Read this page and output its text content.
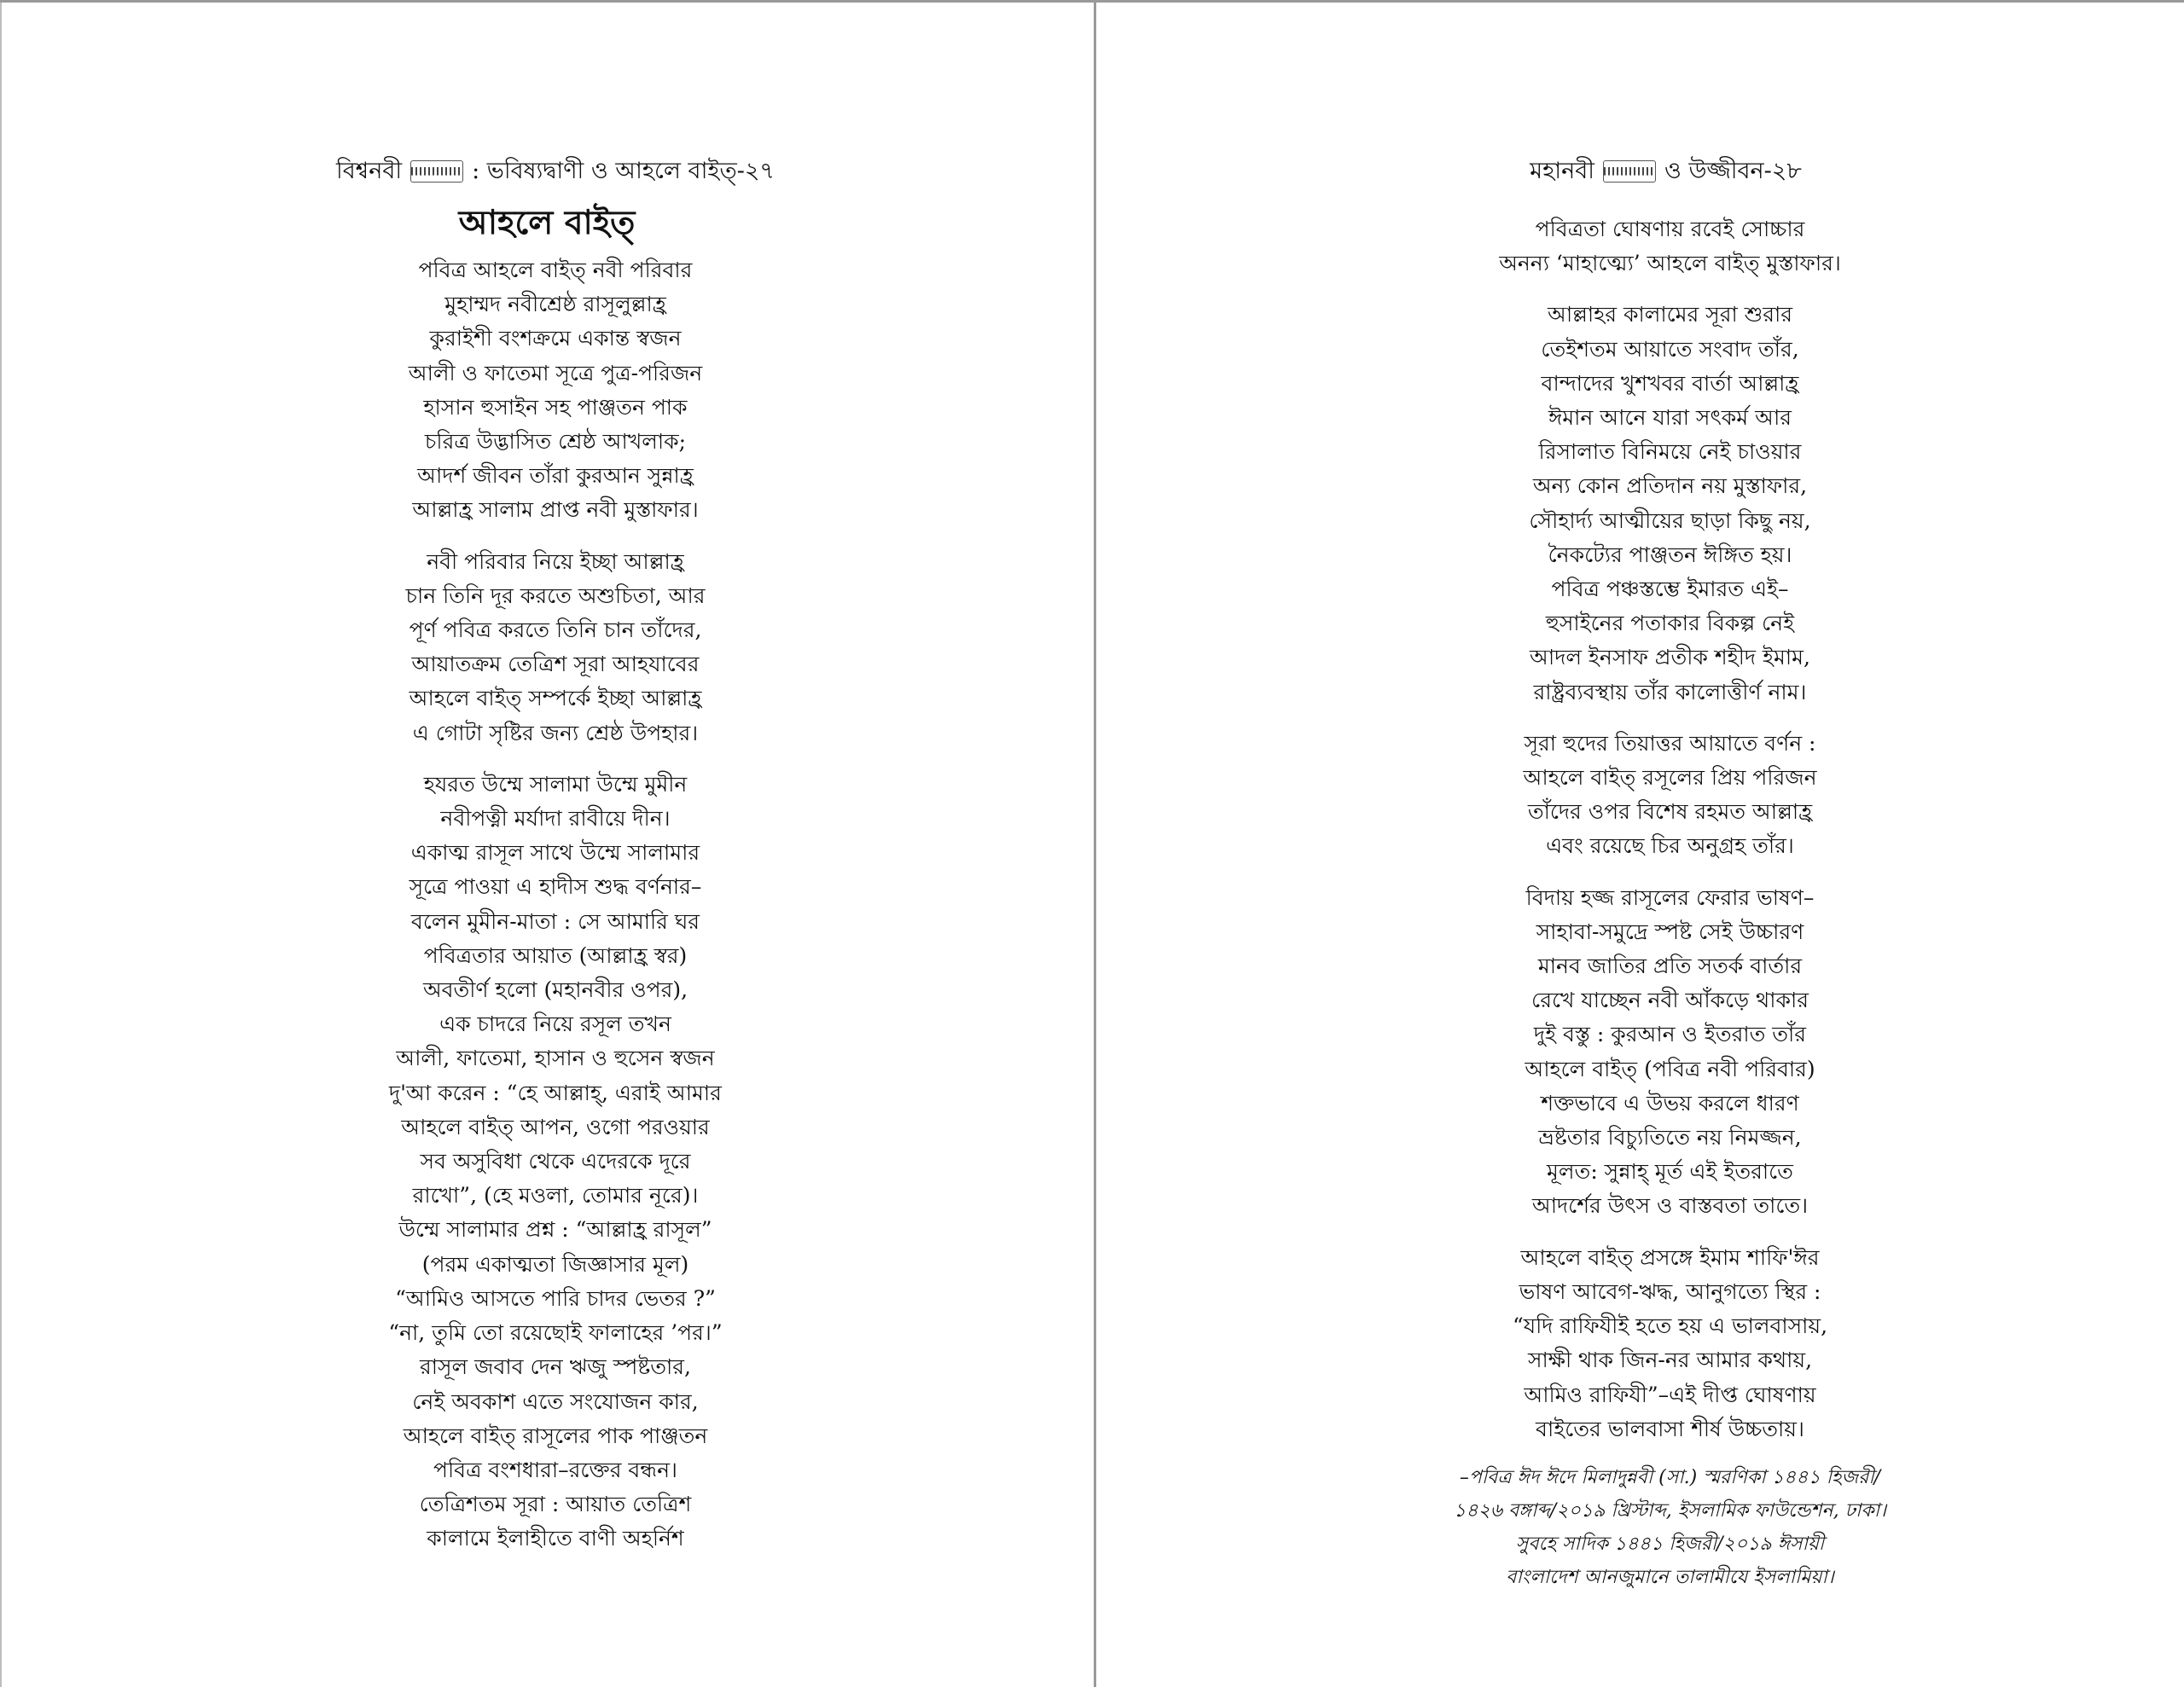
বিশ্বনবী	: ভবিষ্যদ্বাণী ও আহলে বাইত্-২৭
আহলে বাইত্
পবিত্র আহলে বাইত্ নবী পরিবার
মুহাম্মদ নবীশ্রেষ্ঠ রাসূলুল্লাহ্র
কুরাইশী বংশক্রমে একান্ত স্বজন
আলী ও ফাতেমা সূত্রে পুত্র-পরিজন
হাসান হুসাইন সহ পাঞ্জতন পাক
চরিত্র উদ্ভাসিত শ্রেষ্ঠ আখলাক;
আদর্শ জীবন তাঁরা কুরআন সুন্নাহ্র
আল্লাহ্র সালাম প্রাপ্ত নবী মুস্তাফার।
নবী পরিবার নিয়ে ইচ্ছা আল্লাহ্র
চান তিনি দূর করতে অশুচিতা, আর
পূর্ণ পবিত্র করতে তিনি চান তাঁদের,
আয়াতক্রম তেত্রিশ সূরা আহযাবের
আহলে বাইত্ সম্পর্কে ইচ্ছা আল্লাহ্র
এ গোটা সৃষ্টির জন্য শ্রেষ্ঠ উপহার।
হযরত উম্মে সালামা উম্মে মুমীন
নবীপত্নী মর্যাদা রাবীয়ে দীন।
একাত্ম রাসূল সাথে উম্মে সালামার
সূত্রে পাওয়া এ হাদীস শুদ্ধ বর্ণনার–
বলেন মুমীন-মাতা : সে আমারি ঘর
পবিত্রতার আয়াত (আল্লাহ্র স্বর)
অবতীর্ণ হলো (মহানবীর ওপর),
এক চাদরে নিয়ে রসূল তখন
আলী, ফাতেমা, হাসান ও হুসেন স্বজন
দু'আ করেন : “হে আল্লাহ্, এরাই আমার
আহলে বাইত্ আপন, ওগো পরওয়ার
সব অসুবিধা থেকে এদেরকে দূরে
রাখো”, (হে মওলা, তোমার নূরে)।
উম্মে সালামার প্রশ্ন : “আল্লাহ্র রাসূল”
(পরম একাত্মতা জিজ্ঞাসার মূল)
“আমিও আসতে পারি চাদর ভেতর ?”
“না, তুমি তো রয়েছোই ফালাহের ’পর।”
রাসূল জবাব দেন ঋজু স্পষ্টতার,
নেই অবকাশ এতে সংযোজন কার,
আহলে বাইত্ রাসূলের পাক পাঞ্জতন
পবিত্র বংশধারা–রক্তের বন্ধন।
তেত্রিশতম সূরা : আয়াত তেত্রিশ
কালামে ইলাহীতে বাণী অহর্নিশ
মহানবী	ও উজ্জীবন-২৮
পবিত্রতা ঘোষণায় রবেই সোচ্চার
অনন্য ‘মাহাত্ম্যে’ আহলে বাইত্ মুস্তাফার।
আল্লাহর কালামের সূরা শুরার
তেইশতম আয়াতে সংবাদ তাঁর,
বান্দাদের খুশখবর বার্তা আল্লাহ্র
ঈমান আনে যারা সৎকর্ম আর
রিসালাত বিনিময়ে নেই চাওয়ার
অন্য কোন প্রতিদান নয় মুস্তাফার,
সৌহার্দ্য আত্মীয়ের ছাড়া কিছু নয়,
নৈকট্যের পাঞ্জতন ঈঙ্গিত হয়।
পবিত্র পঞ্চস্তম্ভে ইমারত এই–
হুসাইনের পতাকার বিকল্প নেই
আদল ইনসাফ প্রতীক শহীদ ইমাম,
রাষ্ট্রব্যবস্থায় তাঁর কালোত্তীর্ণ নাম।
সূরা হুদের তিয়াত্তর আয়াতে বর্ণন :
আহলে বাইত্ রসূলের প্রিয় পরিজন
তাঁদের ওপর বিশেষ রহমত আল্লাহ্র
এবং রয়েছে চির অনুগ্রহ তাঁর।
বিদায় হজ্জ রাসূলের ফেরার ভাষণ–
সাহাবা-সমুদ্রে স্পষ্ট সেই উচ্চারণ
মানব জাতির প্রতি সতর্ক বার্তার
রেখে যাচ্ছেন নবী আঁকড়ে থাকার
দুই বস্তু : কুরআন ও ইতরাত তাঁর
আহলে বাইত্ (পবিত্র নবী পরিবার)
শক্তভাবে এ উভয় করলে ধারণ
ভ্রষ্টতার বিচ্যুতিতে নয় নিমজ্জন,
মূলত: সুন্নাহ্ মূর্ত এই ইতরাতে
আদর্শের উৎস ও বাস্তবতা তাতে।
আহলে বাইত্ প্রসঙ্গে ইমাম শাফি'ঈর
ভাষণ আবেগ-ঋদ্ধ, আনুগত্যে স্থির :
“যদি রাফিযীই হতে হয় এ ভালবাসায়,
সাক্ষী থাক জিন-নর আমার কথায়,
আমিও রাফিযী”–এই দীপ্ত ঘোষণায়
বাইতের ভালবাসা শীর্ষ উচ্চতায়।
–পবিত্র ঈদ ঈদে মিলাদুন্নবী (সা.) স্মরণিকা ১৪৪১ হিজরী/
১৪২৬ বঙ্গাব্দ/২০১৯ খ্রিস্টাব্দ, ইসলামিক ফাউন্ডেশন, ঢাকা।
সুবহে সাদিক ১৪৪১ হিজরী/২০১৯ ঈসায়ী
বাংলাদেশ আনজুমানে তালামীযে ইসলামিয়া।
